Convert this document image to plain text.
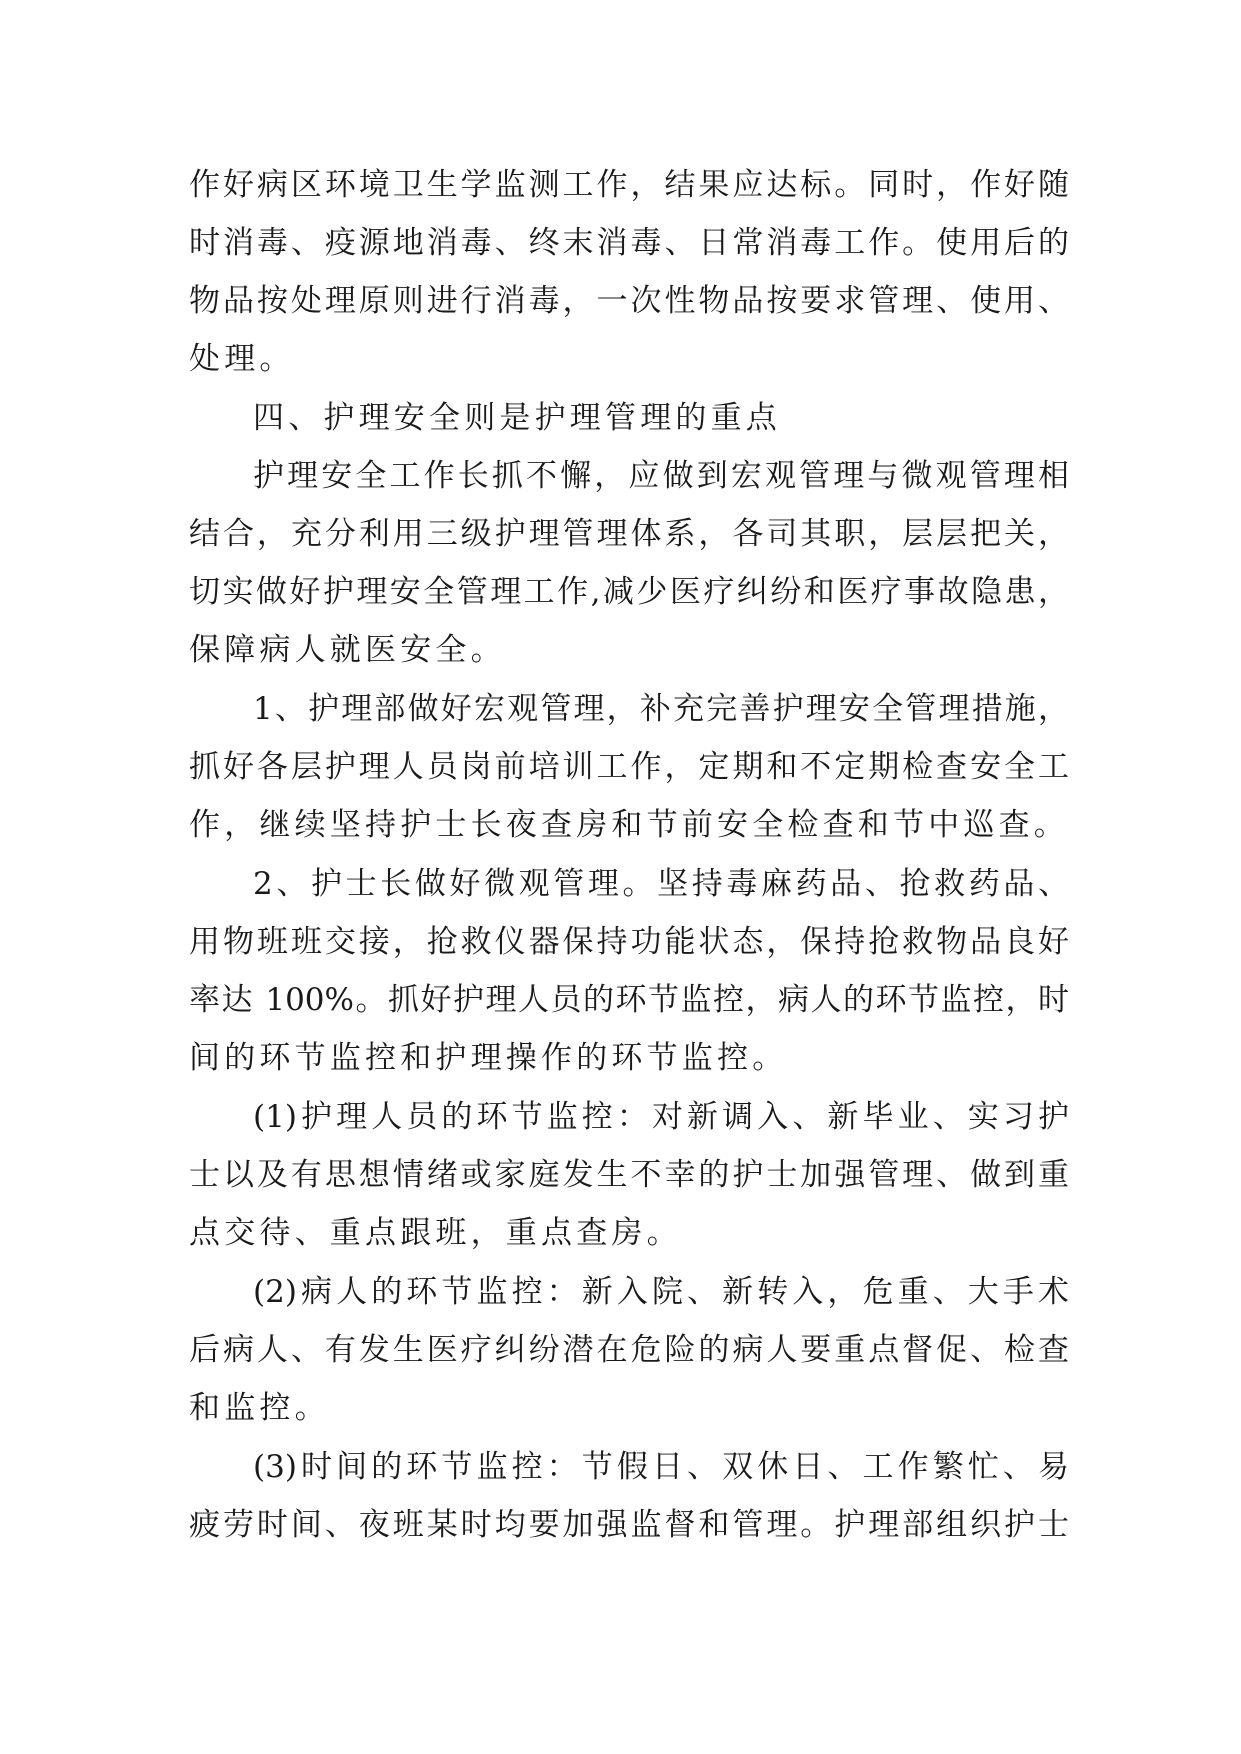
作好病区环境卫生学监测工作，结果应达标。同时，作好随
时消毒、疫源地消毒、终末消毒、日常消毒工作。使用后的
物品按处理原则进行消毒，一次性物品按要求管理、使用、
处理。
四、护理安全则是护理管理的重点
护理安全工作长抓不懈，应做到宏观管理与微观管理相
结合，充分利用三级护理管理体系，各司其职，层层把关，
切实做好护理安全管理工作,减少医疗纠纷和医疗事故隐患，
保障病人就医安全。
1、护理部做好宏观管理，补充完善护理安全管理措施，
抓好各层护理人员岗前培训工作，定期和不定期检查安全工
作，继续坚持护士长夜查房和节前安全检查和节中巡查。
2、护士长做好微观管理。坚持毒麻药品、抢救药品、
用物班班交接，抢救仪器保持功能状态，保持抢救物品良好
率达 100%。抓好护理人员的环节监控，病人的环节监控，时
间的环节监控和护理操作的环节监控。
(1)护理人员的环节监控：对新调入、新毕业、实习护
士以及有思想情绪或家庭发生不幸的护士加强管理、做到重
点交待、重点跟班，重点查房。
(2)病人的环节监控：新入院、新转入，危重、大手术
后病人、有发生医疗纠纷潜在危险的病人要重点督促、检查
和监控。
(3)时间的环节监控：节假日、双休日、工作繁忙、易
疲劳时间、夜班某时均要加强监督和管理。护理部组织护士
